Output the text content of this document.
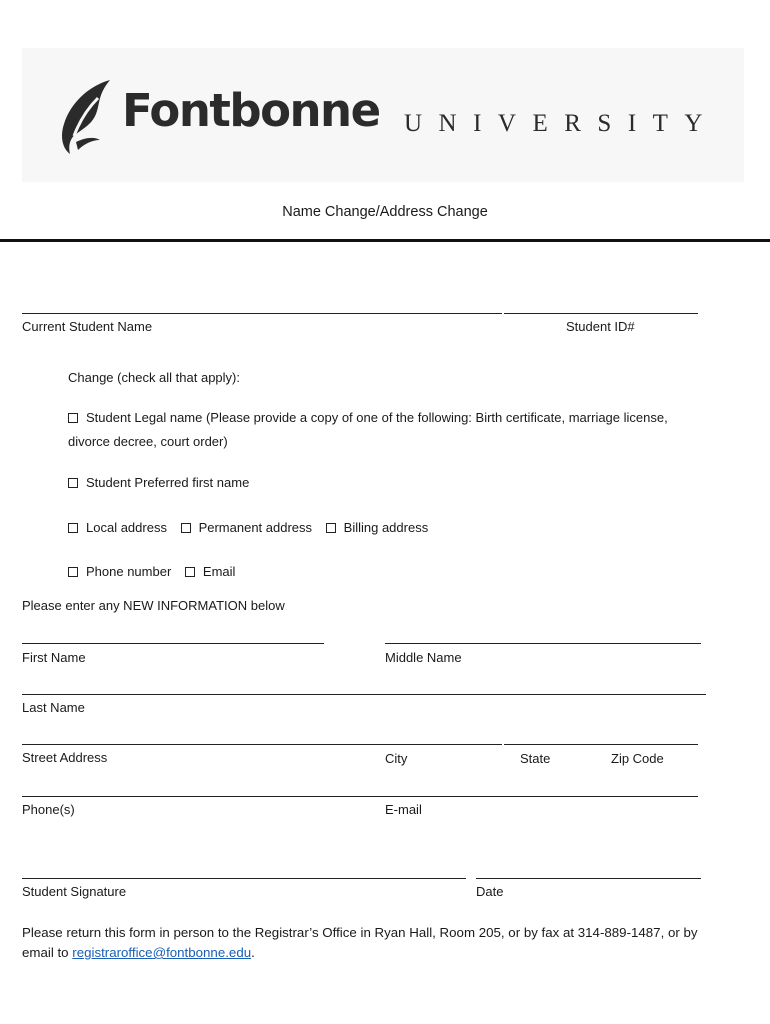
Fontbonne UNIVERSITY
Name Change/Address Change
Current Student Name	Student ID#
Change (check all that apply):
Student Legal name (Please provide a copy of one of the following: Birth certificate, marriage license,
divorce decree, court order)
Student Preferred first name
Local address Permanent address Billing address
Phone number Email
Please enter any NEW INFORMATION below
First Name	Middle Name
Last Name
Street Address	City	State	Zip Code
Phone(s)	E-mail
Student Signature	Date
Please return this form in person to the Registrar’s Office in Ryan Hall, Room 205, or by fax at 314-889-1487, or by
email to registraroffice@fontbonne.edu.
